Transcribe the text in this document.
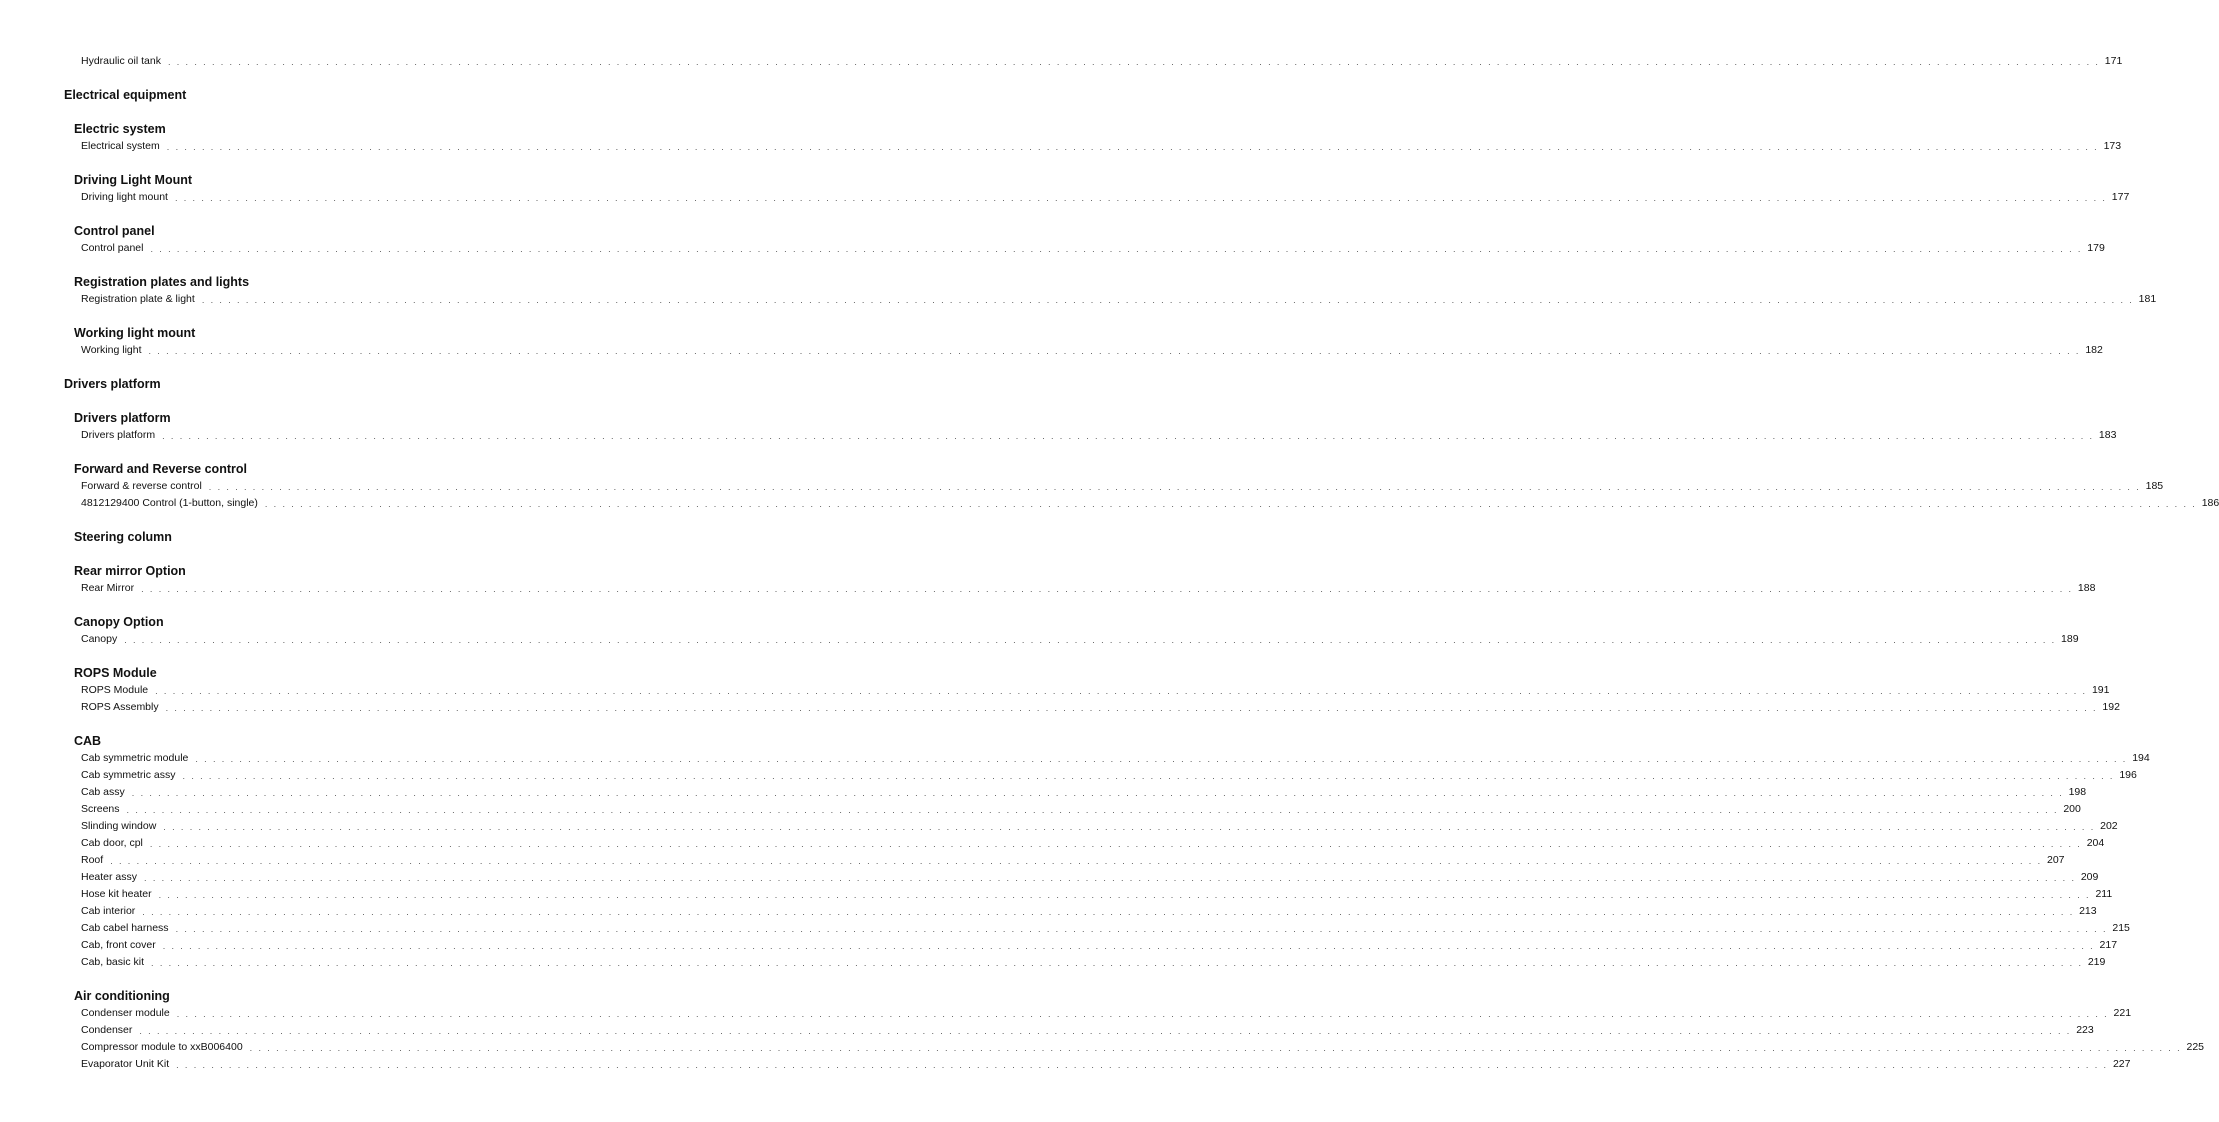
Hydraulic oil tank . . . . . . . . . . . . . . . . . . . . . . . . . . . . . . . . . . . . . . . . . . . . . . . . . . . . . . . . . . . . . . . . . . . . . . . . . . . . . . . . . . . . . . . . . . . . . . . . . . . . . . . . . . . . . . . . . . . . . . . . . . . . . . . . . . . . . . . . . . . . . . . . . . . . . . . . . . . . . . . . . . . . . . . . . . . . . . . . . . . . . . . . . . . . . . . . . . . . . . . . . . . . . . . . . . . . . . . . . . . . 171
Electrical equipment
Electric system
Electrical system . . . . . . . . . . . . . . . . . . . . . . . . . . . . . . . . . . . . . . . . . . . . . . . . . . . . . . . . . . . . . . . . . . . . . . . . . . . . . . . . . . . . . . . . . . . . . . . . . . . . . . . . . . . . . . . . . . . . . . . . . . . . . . . . . . . . . . . . . . . . . . . . . . . . . . . . . . . . . . . . . . . . . . . . . . . . . . . . . . . . . . . . . . . . . . . . . . . . . . . . . . . . . . . . . . . . . . . . . . . . 173
Driving Light Mount
Driving light mount . . . . . . . . . . . . . . . . . . . . . . . . . . . . . . . . . . . . . . . . . . . . . . . . . . . . . . . . . . . . . . . . . . . . . . . . . . . . . . . . . . . . . . . . . . . . . . . . . . . . . . . . . . . . . . . . . . . . . . . . . . . . . . . . . . . . . . . . . . . . . . . . . . . . . . . . . . . . . . . . . . . . . . . . . . . . . . . . . . . . . . . . . . . . . . . . . . . . . . . . . . . . . . . . . . . . . . . . . . . . 177
Control panel
Control panel . . . . . . . . . . . . . . . . . . . . . . . . . . . . . . . . . . . . . . . . . . . . . . . . . . . . . . . . . . . . . . . . . . . . . . . . . . . . . . . . . . . . . . . . . . . . . . . . . . . . . . . . . . . . . . . . . . . . . . . . . . . . . . . . . . . . . . . . . . . . . . . . . . . . . . . . . . . . . . . . . . . . . . . . . . . . . . . . . . . . . . . . . . . . . . . . . . . . . . . . . . . . . . . . . . . . . . . . . . . . 179
Registration plates and lights
Registration plate & light . . . . . . . . . . . . . . . . . . . . . . . . . . . . . . . . . . . . . . . . . . . . . . . . . . . . . . . . . . . . . . . . . . . . . . . . . . . . . . . . . . . . . . . . . . . . . . . . . . . . . . . . . . . . . . . . . . . . . . . . . . . . . . . . . . . . . . . . . . . . . . . . . . . . . . . . . . . . . . . . . . . . . . . . . . . . . . . . . . . . . . . . . . . . . . . . . . . . . . . . . . . . . . . . . . . . . . . . . . . . 181
Working light mount
Working light . . . . . . . . . . . . . . . . . . . . . . . . . . . . . . . . . . . . . . . . . . . . . . . . . . . . . . . . . . . . . . . . . . . . . . . . . . . . . . . . . . . . . . . . . . . . . . . . . . . . . . . . . . . . . . . . . . . . . . . . . . . . . . . . . . . . . . . . . . . . . . . . . . . . . . . . . . . . . . . . . . . . . . . . . . . . . . . . . . . . . . . . . . . . . . . . . . . . . . . . . . . . . . . . . . . . . . . . . . . . 182
Drivers platform
Drivers platform
Drivers platform . . . . . . . . . . . . . . . . . . . . . . . . . . . . . . . . . . . . . . . . . . . . . . . . . . . . . . . . . . . . . . . . . . . . . . . . . . . . . . . . . . . . . . . . . . . . . . . . . . . . . . . . . . . . . . . . . . . . . . . . . . . . . . . . . . . . . . . . . . . . . . . . . . . . . . . . . . . . . . . . . . . . . . . . . . . . . . . . . . . . . . . . . . . . . . . . . . . . . . . . . . . . . . . . . . . . . . . . . . . . 183
Forward and Reverse control
Forward & reverse control . . . . . . . . . . . . . . . . . . . . . . . . . . . . . . . . . . . . . . . . . . . . . . . . . . . . . . . . . . . . . . . . . . . . . . . . . . . . . . . . . . . . . . . . . . . . . . . . . . . . . . . . . . . . . . . . . . . . . . . . . . . . . . . . . . . . . . . . . . . . . . . . . . . . . . . . . . . . . . . . . . . . . . . . . . . . . . . . . . . . . . . . . . . . . . . . . . . . . . . . . . . . . . . . . . . . . . . . . . . . 185
4812129400 Control (1-button, single) . . . . . . . . . . . . . . . . . . . . . . . . . . . . . . . . . . . . . . . . . . . . . . . . . . . . . . . . . . . . . . . . . . . . . . . . . . . . . . . . . . . . . . . . . . . . . . . . . . . . . . . . . . . . . . . . . . . . . . . . . . . . . . . . . . . . . . . . . . . . . . . . . . . . . . . . . . . . . . . . . . . . . . . . . . . . . . . . . . . . . . . . . . . . . . . . . . . . . . . . . . . . . . . . . . . . . . . . . . . . 186
Steering column
Rear mirror Option
Rear Mirror . . . . . . . . . . . . . . . . . . . . . . . . . . . . . . . . . . . . . . . . . . . . . . . . . . . . . . . . . . . . . . . . . . . . . . . . . . . . . . . . . . . . . . . . . . . . . . . . . . . . . . . . . . . . . . . . . . . . . . . . . . . . . . . . . . . . . . . . . . . . . . . . . . . . . . . . . . . . . . . . . . . . . . . . . . . . . . . . . . . . . . . . . . . . . . . . . . . . . . . . . . . . . . . . . . . . . . . . . . . . 188
Canopy Option
Canopy . . . . . . . . . . . . . . . . . . . . . . . . . . . . . . . . . . . . . . . . . . . . . . . . . . . . . . . . . . . . . . . . . . . . . . . . . . . . . . . . . . . . . . . . . . . . . . . . . . . . . . . . . . . . . . . . . . . . . . . . . . . . . . . . . . . . . . . . . . . . . . . . . . . . . . . . . . . . . . . . . . . . . . . . . . . . . . . . . . . . . . . . . . . . . . . . . . . . . . . . . . . . . . . . . . . . . . . . . . . . 189
ROPS Module
ROPS Module . . . . . . . . . . . . . . . . . . . . . . . . . . . . . . . . . . . . . . . . . . . . . . . . . . . . . . . . . . . . . . . . . . . . . . . . . . . . . . . . . . . . . . . . . . . . . . . . . . . . . . . . . . . . . . . . . . . . . . . . . . . . . . . . . . . . . . . . . . . . . . . . . . . . . . . . . . . . . . . . . . . . . . . . . . . . . . . . . . . . . . . . . . . . . . . . . . . . . . . . . . . . . . . . . . . . . . . . . . . . 191
ROPS Assembly . . . . . . . . . . . . . . . . . . . . . . . . . . . . . . . . . . . . . . . . . . . . . . . . . . . . . . . . . . . . . . . . . . . . . . . . . . . . . . . . . . . . . . . . . . . . . . . . . . . . . . . . . . . . . . . . . . . . . . . . . . . . . . . . . . . . . . . . . . . . . . . . . . . . . . . . . . . . . . . . . . . . . . . . . . . . . . . . . . . . . . . . . . . . . . . . . . . . . . . . . . . . . . . . . . . . . . . . . . . . 192
CAB
Cab symmetric module . . . . . . . . . . . . . . . . . . . . . . . . . . . . . . . . . . . . . . . . . . . . . . . . . . . . . . . . . . . . . . . . . . . . . . . . . . . . . . . . . . . . . . . . . . . . . . . . . . . . . . . . . . . . . . . . . . . . . . . . . . . . . . . . . . . . . . . . . . . . . . . . . . . . . . . . . . . . . . . . . . . . . . . . . . . . . . . . . . . . . . . . . . . . . . . . . . . . . . . . . . . . . . . . . . . . . . . . . . . . 194
Cab symmetric assy . . . . . . . . . . . . . . . . . . . . . . . . . . . . . . . . . . . . . . . . . . . . . . . . . . . . . . . . . . . . . . . . . . . . . . . . . . . . . . . . . . . . . . . . . . . . . . . . . . . . . . . . . . . . . . . . . . . . . . . . . . . . . . . . . . . . . . . . . . . . . . . . . . . . . . . . . . . . . . . . . . . . . . . . . . . . . . . . . . . . . . . . . . . . . . . . . . . . . . . . . . . . . . . . . . . . . . . . . . . . 196
Cab assy . . . . . . . . . . . . . . . . . . . . . . . . . . . . . . . . . . . . . . . . . . . . . . . . . . . . . . . . . . . . . . . . . . . . . . . . . . . . . . . . . . . . . . . . . . . . . . . . . . . . . . . . . . . . . . . . . . . . . . . . . . . . . . . . . . . . . . . . . . . . . . . . . . . . . . . . . . . . . . . . . . . . . . . . . . . . . . . . . . . . . . . . . . . . . . . . . . . . . . . . . . . . . . . . . . . . . . . . . . . . 198
Screens . . . . . . . . . . . . . . . . . . . . . . . . . . . . . . . . . . . . . . . . . . . . . . . . . . . . . . . . . . . . . . . . . . . . . . . . . . . . . . . . . . . . . . . . . . . . . . . . . . . . . . . . . . . . . . . . . . . . . . . . . . . . . . . . . . . . . . . . . . . . . . . . . . . . . . . . . . . . . . . . . . . . . . . . . . . . . . . . . . . . . . . . . . . . . . . . . . . . . . . . . . . . . . . . . . . . . . . . . . . . 200
Slinding window . . . . . . . . . . . . . . . . . . . . . . . . . . . . . . . . . . . . . . . . . . . . . . . . . . . . . . . . . . . . . . . . . . . . . . . . . . . . . . . . . . . . . . . . . . . . . . . . . . . . . . . . . . . . . . . . . . . . . . . . . . . . . . . . . . . . . . . . . . . . . . . . . . . . . . . . . . . . . . . . . . . . . . . . . . . . . . . . . . . . . . . . . . . . . . . . . . . . . . . . . . . . . . . . . . . . . . . . . . . . 202
Cab door, cpl . . . . . . . . . . . . . . . . . . . . . . . . . . . . . . . . . . . . . . . . . . . . . . . . . . . . . . . . . . . . . . . . . . . . . . . . . . . . . . . . . . . . . . . . . . . . . . . . . . . . . . . . . . . . . . . . . . . . . . . . . . . . . . . . . . . . . . . . . . . . . . . . . . . . . . . . . . . . . . . . . . . . . . . . . . . . . . . . . . . . . . . . . . . . . . . . . . . . . . . . . . . . . . . . . . . . . . . . . . . . 204
Roof . . . . . . . . . . . . . . . . . . . . . . . . . . . . . . . . . . . . . . . . . . . . . . . . . . . . . . . . . . . . . . . . . . . . . . . . . . . . . . . . . . . . . . . . . . . . . . . . . . . . . . . . . . . . . . . . . . . . . . . . . . . . . . . . . . . . . . . . . . . . . . . . . . . . . . . . . . . . . . . . . . . . . . . . . . . . . . . . . . . . . . . . . . . . . . . . . . . . . . . . . . . . . . . . . . . . . . . . . . . . 207
Heater assy . . . . . . . . . . . . . . . . . . . . . . . . . . . . . . . . . . . . . . . . . . . . . . . . . . . . . . . . . . . . . . . . . . . . . . . . . . . . . . . . . . . . . . . . . . . . . . . . . . . . . . . . . . . . . . . . . . . . . . . . . . . . . . . . . . . . . . . . . . . . . . . . . . . . . . . . . . . . . . . . . . . . . . . . . . . . . . . . . . . . . . . . . . . . . . . . . . . . . . . . . . . . . . . . . . . . . . . . . . . . 209
Hose kit heater . . . . . . . . . . . . . . . . . . . . . . . . . . . . . . . . . . . . . . . . . . . . . . . . . . . . . . . . . . . . . . . . . . . . . . . . . . . . . . . . . . . . . . . . . . . . . . . . . . . . . . . . . . . . . . . . . . . . . . . . . . . . . . . . . . . . . . . . . . . . . . . . . . . . . . . . . . . . . . . . . . . . . . . . . . . . . . . . . . . . . . . . . . . . . . . . . . . . . . . . . . . . . . . . . . . . . . . . . . . . 211
Cab interior . . . . . . . . . . . . . . . . . . . . . . . . . . . . . . . . . . . . . . . . . . . . . . . . . . . . . . . . . . . . . . . . . . . . . . . . . . . . . . . . . . . . . . . . . . . . . . . . . . . . . . . . . . . . . . . . . . . . . . . . . . . . . . . . . . . . . . . . . . . . . . . . . . . . . . . . . . . . . . . . . . . . . . . . . . . . . . . . . . . . . . . . . . . . . . . . . . . . . . . . . . . . . . . . . . . . . . . . . . . . 213
Cab cabel harness . . . . . . . . . . . . . . . . . . . . . . . . . . . . . . . . . . . . . . . . . . . . . . . . . . . . . . . . . . . . . . . . . . . . . . . . . . . . . . . . . . . . . . . . . . . . . . . . . . . . . . . . . . . . . . . . . . . . . . . . . . . . . . . . . . . . . . . . . . . . . . . . . . . . . . . . . . . . . . . . . . . . . . . . . . . . . . . . . . . . . . . . . . . . . . . . . . . . . . . . . . . . . . . . . . . . . . . . . . . . 215
Cab, front cover . . . . . . . . . . . . . . . . . . . . . . . . . . . . . . . . . . . . . . . . . . . . . . . . . . . . . . . . . . . . . . . . . . . . . . . . . . . . . . . . . . . . . . . . . . . . . . . . . . . . . . . . . . . . . . . . . . . . . . . . . . . . . . . . . . . . . . . . . . . . . . . . . . . . . . . . . . . . . . . . . . . . . . . . . . . . . . . . . . . . . . . . . . . . . . . . . . . . . . . . . . . . . . . . . . . . . . . . . . . . 217
Cab, basic kit . . . . . . . . . . . . . . . . . . . . . . . . . . . . . . . . . . . . . . . . . . . . . . . . . . . . . . . . . . . . . . . . . . . . . . . . . . . . . . . . . . . . . . . . . . . . . . . . . . . . . . . . . . . . . . . . . . . . . . . . . . . . . . . . . . . . . . . . . . . . . . . . . . . . . . . . . . . . . . . . . . . . . . . . . . . . . . . . . . . . . . . . . . . . . . . . . . . . . . . . . . . . . . . . . . . . . . . . . . . . 219
Air conditioning
Condenser module . . . . . . . . . . . . . . . . . . . . . . . . . . . . . . . . . . . . . . . . . . . . . . . . . . . . . . . . . . . . . . . . . . . . . . . . . . . . . . . . . . . . . . . . . . . . . . . . . . . . . . . . . . . . . . . . . . . . . . . . . . . . . . . . . . . . . . . . . . . . . . . . . . . . . . . . . . . . . . . . . . . . . . . . . . . . . . . . . . . . . . . . . . . . . . . . . . . . . . . . . . . . . . . . . . . . . . . . . . . . 221
Condenser . . . . . . . . . . . . . . . . . . . . . . . . . . . . . . . . . . . . . . . . . . . . . . . . . . . . . . . . . . . . . . . . . . . . . . . . . . . . . . . . . . . . . . . . . . . . . . . . . . . . . . . . . . . . . . . . . . . . . . . . . . . . . . . . . . . . . . . . . . . . . . . . . . . . . . . . . . . . . . . . . . . . . . . . . . . . . . . . . . . . . . . . . . . . . . . . . . . . . . . . . . . . . . . . . . . . . . . . . . . . 223
Compressor module to xxB006400 . . . . . . . . . . . . . . . . . . . . . . . . . . . . . . . . . . . . . . . . . . . . . . . . . . . . . . . . . . . . . . . . . . . . . . . . . . . . . . . . . . . . . . . . . . . . . . . . . . . . . . . . . . . . . . . . . . . . . . . . . . . . . . . . . . . . . . . . . . . . . . . . . . . . . . . . . . . . . . . . . . . . . . . . . . . . . . . . . . . . . . . . . . . . . . . . . . . . . . . . . . . . . . . . . . . . . . . . . . . . 225
Evaporator Unit Kit . . . . . . . . . . . . . . . . . . . . . . . . . . . . . . . . . . . . . . . . . . . . . . . . . . . . . . . . . . . . . . . . . . . . . . . . . . . . . . . . . . . . . . . . . . . . . . . . . . . . . . . . . . . . . . . . . . . . . . . . . . . . . . . . . . . . . . . . . . . . . . . . . . . . . . . . . . . . . . . . . . . . . . . . . . . . . . . . . . . . . . . . . . . . . . . . . . . . . . . . . . . . . . . . . . . . . . . . . . . . 227
